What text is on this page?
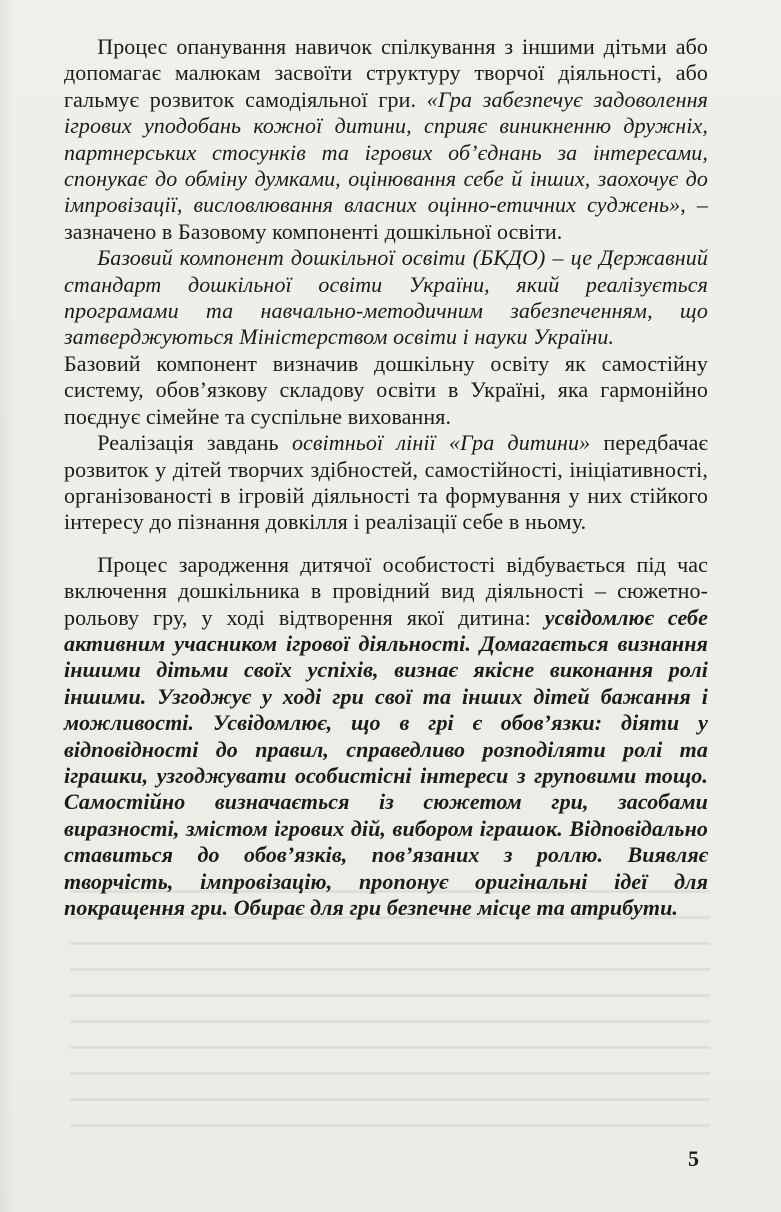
  Процес опанування навичок спілкування з іншими дітьми або допомагає малюкам засвоїти структуру творчої діяльності, або гальмує розвиток самодіяльної гри. «Гра забезпечує задоволення ігрових уподобань кожної дитини, сприяє виникненню дружніх, партнерських стосунків та ігрових об’єднань за інтересами, спонукає до обміну думками, оцінювання себе й інших, заохочує до імпровізації, висловлювання власних оцінно-етичних суджень», – зазначено в Базовому компоненті дошкільної освіти.

  Базовий компонент дошкільної освіти (БКДО) – це Державний стандарт дошкільної освіти України, який реалізується програмами та навчально-методичним забезпеченням, що затверджуються Міністерством освіти і науки України.

Базовий компонент визначив дошкільну освіту як самостійну систему, обов’язкову складову освіти в Україні, яка гармонійно поєднує сімейне та суспільне виховання.

  Реалізація завдань освітньої лінії «Гра дитини» передбачає розвиток у дітей творчих здібностей, самостійності, ініціативності, організованості в ігровій діяльності та формування у них стійкого інтересу до пізнання довкілля і реалізації себе в ньому.

  Процес зародження дитячої особистості відбувається під час включення дошкільника в провідний вид діяльності – сюжетно-рольову гру, у ході відтворення якої дитина: усвідомлює себе активним учасником ігрової діяльності. Домагається визнання іншими дітьми своїх успіхів, визнає якісне виконання ролі іншими. Узгоджує у ході гри свої та інших дітей бажання і можливості. Усвідомлює, що в грі є обов’язки: діяти у відповідності до правил, справедливо розподіляти ролі та іграшки, узгоджувати особистісні інтереси з груповими тощо. Самостійно визначається із сюжетом гри, засобами виразності, змістом ігрових дій, вибором іграшок. Відповідально ставиться до обов’язків, пов’язаних з роллю. Виявляє творчість, імпровізацію, пропонує оригінальні ідеї для покращення гри. Обирає для гри безпечне місце та атрибути.

5
